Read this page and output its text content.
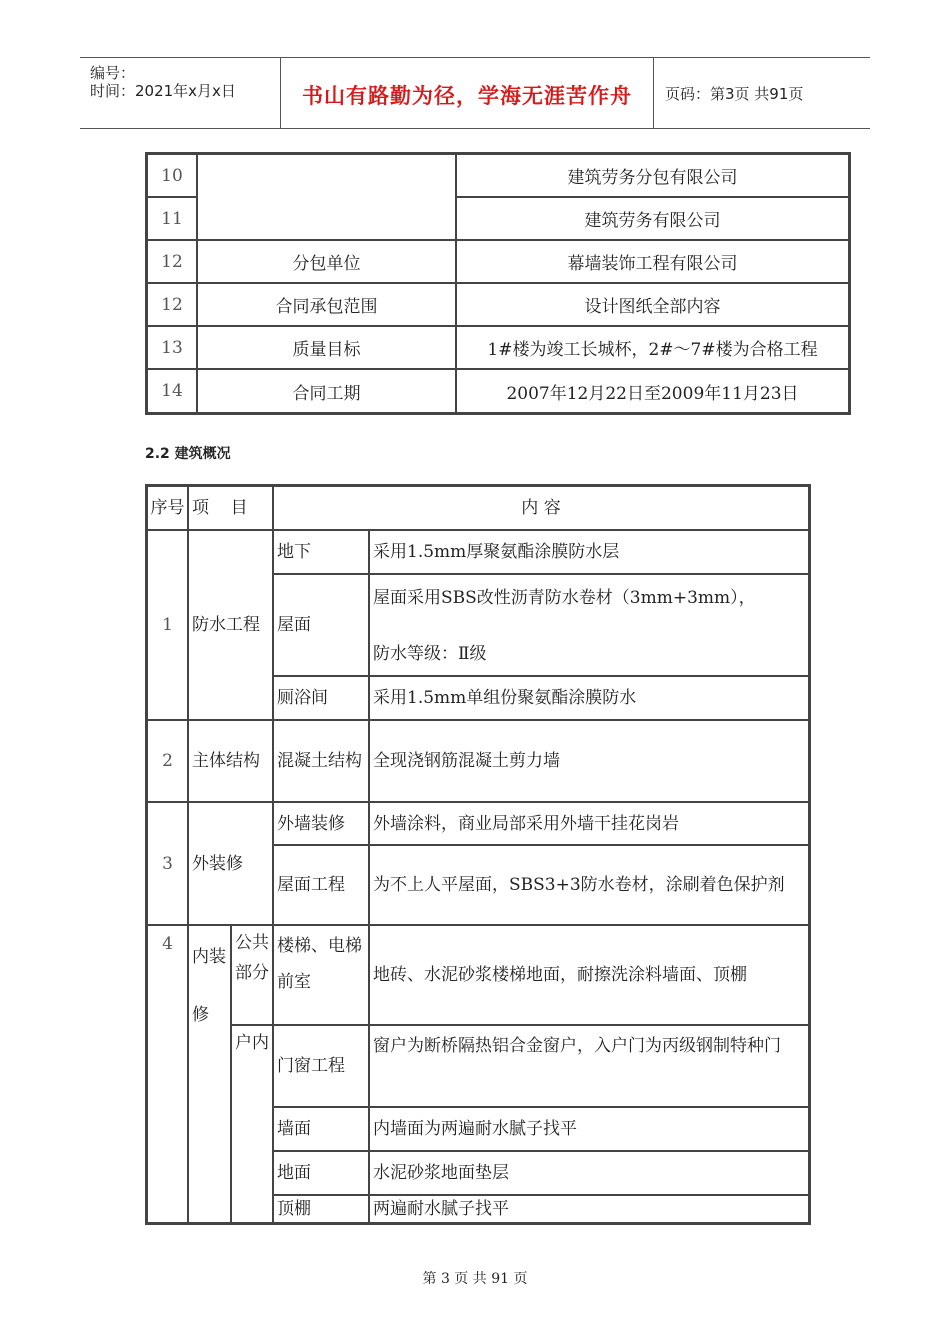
编号：
时间：2021年x月x日	书山有路勤为径，学海无涯苦作舟	页码：第3页 共91页
10		建筑劳务分包有限公司
11		建筑劳务有限公司
12	分包单位	幕墙装饰工程有限公司
12	合同承包范围	设计图纸全部内容
13	质量目标	1#楼为竣工长城杯，2#～7#楼为合格工程
14	合同工期	2007年12月22日至2009年11月23日
2.2 建筑概况
序号	项    目		内 容	
1	防水工程		地下	采用1.5mm厚聚氨酯涂膜防水层
			屋面	屋面采用SBS改性沥青防水卷材（3mm+3mm），
防水等级：Ⅱ级

			厕浴间	采用1.5mm单组份聚氨酯涂膜防水
2	主体结构		混凝土结构	全现浇钢筋混凝土剪力墙
3	外装修		外墙装修	外墙涂料，商业局部采用外墙干挂花岗岩
			屋面工程	为不上人平屋面，SBS3+3防水卷材，涂刷着色保护剂
4	内装修	公共部分	楼梯、电梯前室	地砖、水泥砂浆楼梯地面，耐擦洗涂料墙面、顶棚
		户内	门窗工程	窗户为断桥隔热铝合金窗户，入户门为丙级钢制特种门
			墙面	内墙面为两遍耐水腻子找平
			地面	水泥砂浆地面垫层
			顶棚	两遍耐水腻子找平
第 3 页 共 91 页
